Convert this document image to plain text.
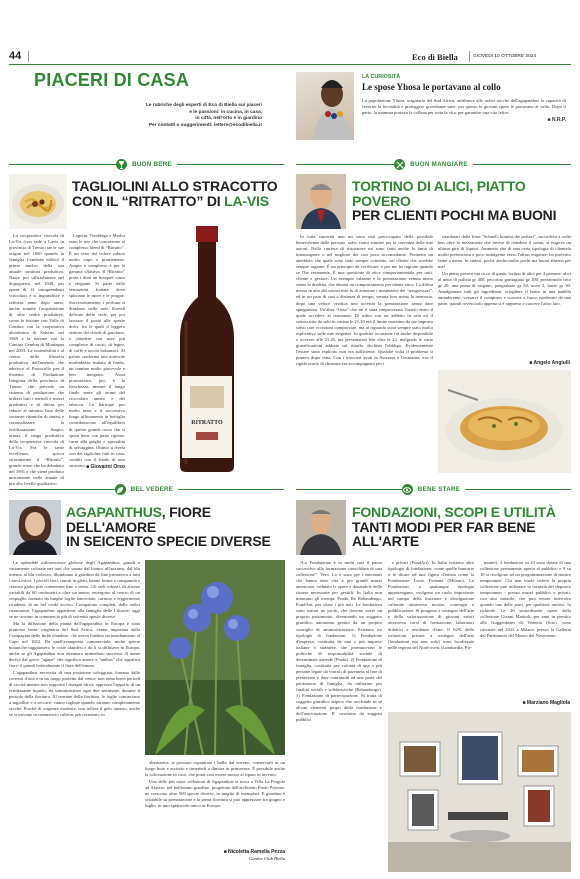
44	Eco di Biella	GIOVEDÌ 10 OTTOBRE 2024
PIACERI DI CASA
Le rubriche degli esperti di Eco di Biella sui piaceri
e le passioni: in cucina, in casa,
in città, nell'orto e in giardino
Per contatti o suggerimenti: lettere@ecodibiella.it
LA CURIOSITÀ
Le spose Yhosa le portavano al collo
La popolazione Yhosa, originaria del Sud Africa, attribuiva alle radici secche dell'agapanthus la capacità di favorire la fecondità e proteggere gravidanze sane: per questo le giovani spose le portavano al collo. Dopo il parto, la mamma portava la collana per tutta la vita, per garantire una vita felice.
■ N.R.P.
BUON BERE	BUON MANGIARE
TAGLIOLINI ALLO STRACOTTO
CON IL “RITRATTO” DI LA-VIS

La cooperativa vinicola di La-Vis (con sede a Lavis in provincia di Trento) tae le sue origini nel 1850 quando la famiglia Cembran edificò il primo nucleo della sua attuale struttura produttiva. Nasce poi ufficialmente nel dopoguerra, nel 1948, per opera di 14 intraprendenti viticoltori e si ingrandisce e rafforza anno dopo anno, anche tramite l'acquisizione di altre realtà produttive, come la fusione con Valle di Cembra con la cooperativa altoatesina di Salorno nel 1969 e la fusione con la Cantina Cembra di Montagna nel 2003. La sostenibilità è al centro della filosofia produttiva dell'azienda che aderisce al Protocollo per il Sistema di Produzione Integrata della provincia di Trento, che prevede un sistema di produzione che utilizzi tutti i metodi e mezzi produttivi e di difesa per ridurre al minimo l'uso delle sostanze chimiche di sintesi e razionalizzare la fertilizzazione. Ampio, ormai, il range produttivo della cooperativa vinicola di La-Vis. Fra le tante eccellenze, spicca sicuramente il “Ritratto”, grande rosso che ha debuttato nel 1991 e che viene prodotto unicamente nelle annate di più alto livello qualitativo.

Lagrein, Teroldego e Merlot sono le uve che concorrono al complesso blend di “Ritratto”. È un vino dal colore rubino molto cupo e promettente. Ampio e complesso è poi la gamma olfattiva. Il “Ritratto” porta i doni un bouquet vasto e elegante. Si parte dalle sensazioni fruttate dove spiccano le more e le prugne. Successivamente, i profumi si diradano nelle note floreali delicate delle viole, per poi lasciare il posto alle spezie dolci, fra le quali il leggero sentore dei chiodi di garofano, e chiudere con note più complesse di cacao, di legno, di caffè e tocchi balsamici. Al palato conferma una notevole morbidezza fruttata di fondo, un tannino molto piacevole e ben integrato. Assai pronunciata, poi, è la freschezza, mentre il lungo finale sente gli aromi del cioccolato amaro e del tabacco. La barrique per molto mesi e il successivo lungo affinamento in bottiglia contribuiscono all'equilibrio di questo grande rosso che si sposa bene con paste ripiene, carni alla griglia e specialità di selvaggina. Ottimo si rivela con dei tagliolini fatti in casa, conditi con il fondo di uno stracotto. ■ Giovanni Orso
RITRATTO
TORTINO DI ALICI, PIATTO POVERO
PER CLIENTI POCHI MA BUONI

In tutta sincerità non mi sono mai preoccupato della possibile benevolenza delle persone, salvo farmi stimare per la coerenza delle mie azioni. Nella carriera di ristoratore mi sono fatto anche la fama di intransigente o nel migliore dei casi poco accomodante. Premetto un aneddoto che quale sono stato sempre convinto, sul cliente che avrebbe sempre ragione. È un principio da verificare, e per me ha ragione quando ce l'ha veramente. È una questione di etica comportamentale per tutti, cliente e gestore. Un esempio calzante è la prenotazione venuta meno senza la disdetta, che denota un comportamento per niente etico. La difesa messa in atto dal sottoscritto fu di annotare i nominativi dei “trasgressori”, ed in un paio di casi a distanza di tempo, venuta loro meno la memoria, dopo una veloce verifica non accettai la prenotazione senza dare spiegazioni. Un'altra “fissa” che mi è stata rimproverata l'orario entro il quale accedere al ristorante. Di solito con un addetto in sala ed il sottoscritto da solo in cucina le 21,30 era il limite massimo da me imposto salvo rare eccezioni comprovate, ma al riguardo sono sempre stato molto esplicativo sulle mie esigenze. In qualche occasione fui anche disponibile a ricevere alle 21,45, ma presentatosi ben oltre le 22, malgrado le varie giustificazioni addotte sul ritardo, declinai l'obbligo. Evidentemente l'essere stato esplicito non era sufficiente. Qualche volta il problema si poneva dopo cena. Con i trascorsi avuti in Svizzera e Germania, ove il rigido orario di chiusura era accompagnato per i

ritardatari dalla frase "Schnell, kommt die polizei", succedeva a volte ben oltre la mezzanotte che invece di chiedere il conto, si esigeva un ultimo giro di liquori. Ammetto che di una certa tipologia di clientela molto pretenziosa e poco indulgente verso l'altrui esigenze, ho preferito farne a meno. In sintesi, pochi, anche molto pochi ma buoni almeno per me!

Un piatto povero ma ricco di gusto, tortino di alici per 4 persone: alici al netto di pulizia gr 400, pecorino grattugiato gr 100, prezzemolo trito gr 20, una presa di origano, pangrattato gr 50, uova 2, burro gr 30. Amalgamare tutti gli ingredienti, sciogliere il burro in una padella antiaderente, versarvi il composto e cuocere a fuoco moderato da una parte, quindi rovesciarlo appena si è rappreso e cuocere l'altro lato.

■ Angelo Angiulli
BEL VEDERE	BENE STARE
AGAPANTHUS, FIORE DELL'AMORE
IN SEICENTO SPECIE DIVERSE

Le splendide inflorescenze globose degli Agapanthus, grandi e variamente colorate nei toni che vanno dal bianco all'azzurro, dal blu intenso al blu violaceo, illuminano il giardino da fine primavera a tutti i mesi estivi. I piccoli fiori, riuniti in gletti, hanno forma a campanula e ciascun globo può contenerne fino a cento. Gli steli robusti, di altezze variabili da 60 centimetri a oltre un metro, emergono al centro di un cespuglio formato da lunghe foglie lanceolate, carnose e leggermente ricadenti, di un bel verde acceso. Compaiono completi, dalle radici rizomatose, l'agapanthus appartiene alla famiglia delle Liliacee; oggi se ne trovano in commercio più di seicento specie diverse.

Ma la diffusione della pianta dell'agapanthus in Europa è stata piuttosto lenta: originaria del Sud Africa, venne importata dalla Compagnia delle Indie olandese, che aveva fondato un insediamento al Capo nel 1652. Da quell'avamposto commerciale, molte specie botaniche raggiunsero le coste olandesi e da lì si diffusero in Europa, anche se gli Agapanthus non ottennero immediato successo. Il nome deriva dal greco "agape" che significa amore e "anthos" che significa fiore: è quindi letteralmente il fiore dell'amore.

L'agapanthus necessita di una posizione soleggiata, lontana dalle correnti d'aria e in un luogo protetto dal vento; non tema brevi periodi di siccità mentre non sopporta i ristagni idrici; apprezza l'apporto di un fertilizzante liquido, da somministrare ogni due settimane, durante il periodo della fioritura. Al termine della fioritura, le foglie cominciano a ingiallire e a seccare: vanno tagliate quando saranno completamente secche. Poiché di esigenze modeste, non tollera il gelo intenso, anche se si trovano in commercio cultivar più resistenti; in

alternativa, si possono espiantare i bulbi dal terreno, conservarli in un luogo buio e asciutto e rimetterli a dimora in primavera. È possibile anche la coltivazione in vaso, che potrà così essere mosso al riparo in inverno.

Una delle più vaste collezioni di Agapanthus si trova a Villa La Pergola ad Alassio: nel bellissimo giardino, progettato dall'architetto Paolo Pejrone, ne crescono oltre 500 specie diverse, in meglio di esemplari. E giardino è visitabile su prenotazione e la piena fioritura si può apprezzare tra giugno e luglio, in uno spettacolo unico in Europa.

■ Nicoletta Ramella Pezza
Garden Club Biella
FONDAZIONI, SCOPI E UTILITÀ
TANTI MODI PER FAR BENE ALL'ARTE

“La Fondazione è in molti casi il passo successivo alla formazione consolidata di una collezione”. Vero. Lo è stato per i mecenati che hanno dato vita a più grandi musei americani, ordinato le opere e donandole delle risorse necessarie per gestirli. In Italia non mancano gli esempi: Prada, Re Rebaudengo, FondAnt, per citare i più noti. Le fondazioni sono istituti no profit, che dovono avere un proprio patrimonio, diventando un soggetto giuridico autonomo gestito da un proprio consiglio di amministrazione. Esistono tre tipologie di fondazioni. 1) Fondazione d'impresa, costituita da una o più imprese italiane o straniere, che promuovono le politiche di responsabilità sociale di determinate aziende (Prada). 2) Fondazione di famiglia, costituita per volontà di una o più persone legate da vincoli di parentela al fine di preservare e dare continuità ad una parte del patrimonio di famiglia, da utilizzare per finalità sociali e solidaristiche (Rebaudengo). 3) Fondazione di partecipazione. Si tratta di soggetto giuridico atipico che racchiude in sé alcuni elementi propri della fondazione e dell'associazione. E' costituita da soggetti pubblici

e privati (FondArt). In Italia esistono altre tipologie di fondazione, come quelle bancarie o le dicate ad una figura d'artista come la Fondazione Lucio Fontana (Milano). Le Fondazioni, a qualunque tipologia appartengano, svolgono un ruolo importante nel campo della fruizione e divulgazione culturale attraverso mostre, convegni e pubblicazioni. Si pongono a sostegno dell'arte e della valorizzazione di giovani artisti attraverso corsi di formazione, laboratori didattici e residenze d'arte. Il 62% delle istituzioni private a sostegno dell'arte (fondazioni ma non solo) sono localizzate nelle regioni del Nord-ovest (Lombardia, Pie-

monte). 4 fondazioni su 10 sono dotate di una collezione permanente aperta al pubblico e 9 su 10 si rivolgono ad un programmazione di mostre temporanee. Chi non vuole cedere la propria collezione può utilizzare la formula del deposito temporaneo - presso musei pubblici o privati, con atto notarile, che può essere interrotto quando una delle parti, per qualsiasi motivo, lo richiede. Le 26 straordinarie opere della collezione Gianni Mattioli, per anni in prestito alla Guggenheim di Venezia (foto), sono ritornate nel 2022 a Milano, presso la Galleria del Patrimonio del Museo del Novecento.

■ Marziano Magliola
